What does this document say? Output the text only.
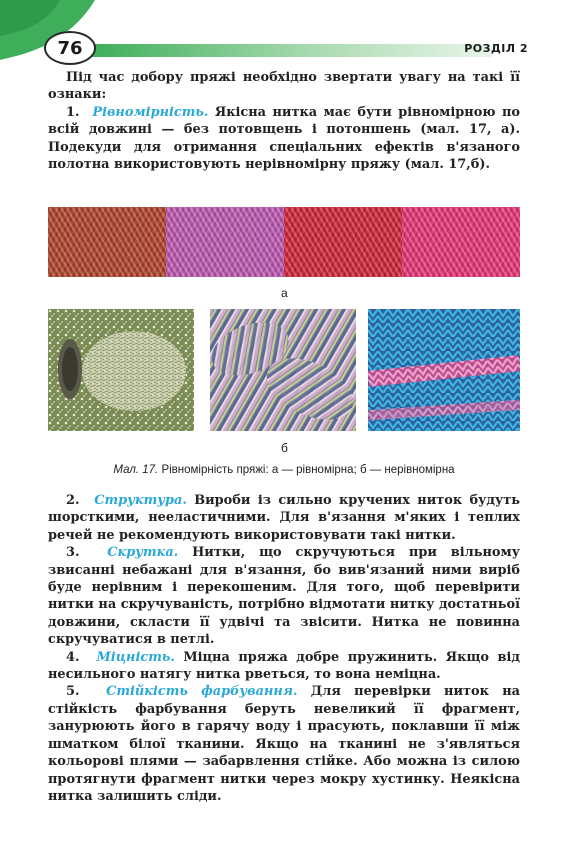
76	РОЗДІЛ 2

Під час добору пряжі необхідно звертати увагу на такі її ознаки:

1. Рівномірність. Якісна нитка має бути рівномірною по всій довжині — без потовщень і потоншень (мал. 17, а). Подекуди для отримання спеціальних ефектів в'язаного полотна використовують нерівномірну пряжу (мал. 17,б).

а
б
Мал. 17. Рівномірність пряжі: а — рівномірна; б — нерівномірна

2. Структура. Вироби із сильно кручених ниток будуть шорсткими, нееластичними. Для в'язання м'яких і теплих речей не рекомендують використовувати такі нитки.

3. Скрутка. Нитки, що скручуються при вільному звисанні небажані для в'язання, бо вив'язаний ними виріб буде нерівним і перекошеним. Для того, щоб перевірити нитки на скручуваність, потрібно відмотати нитку достатньої довжини, скласти її удвічі та звісити. Нитка не повинна скручуватися в петлі.

4. Міцність. Міцна пряжа добре пружинить. Якщо від несильного натягу нитка рветься, то вона неміцна.

5. Стійкість фарбування. Для перевірки ниток на стійкість фарбування беруть невеликий її фрагмент, занурюють його в гарячу воду і прасують, поклавши її між шматком білої тканини. Якщо на тканині не з'являться кольорові плями — забарвлення стійке. Або можна із силою протягнути фрагмент нитки через мокру хустинку. Неякісна нитка залишить сліди.
